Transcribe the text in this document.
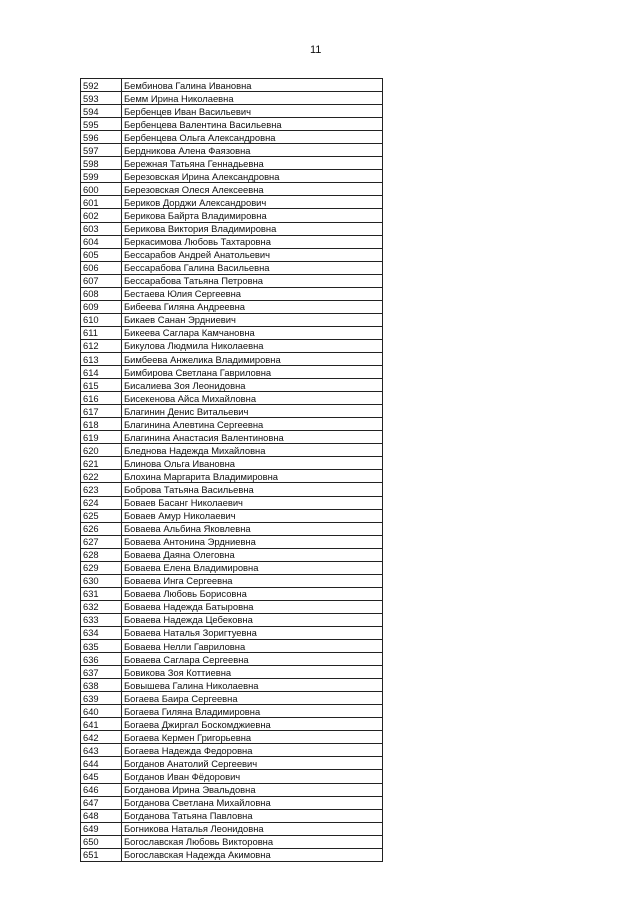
11
592	Бембинова Галина Ивановна
593	Бемм Ирина Николаевна
594	Бербенцев Иван Васильевич
595	Бербенцева Валентина Васильевна
596	Бербенцева Ольга Александровна
597	Бердникова Алена Фаязовна
598	Бережная Татьяна Геннадьевна
599	Березовская Ирина Александровна
600	Березовская Олеся Алексеевна
601	Бериков Дорджи Александрович
602	Берикова Байрта Владимировна
603	Берикова Виктория Владимировна
604	Беркасимова Любовь Тахтаровна
605	Бессарабов Андрей Анатольевич
606	Бессарабова Галина Васильевна
607	Бессарабова Татьяна Петровна
608	Бестаева Юлия Сергеевна
609	Бибеева Гиляна Андреевна
610	Бикаев Санан Эрдниевич
611	Бикеева Саглара Камчановна
612	Бикулова Людмила Николаевна
613	Бимбеева Анжелика Владимировна
614	Бимбирова Светлана Гавриловна
615	Бисалиева Зоя Леонидовна
616	Бисекенова Айса Михайловна
617	Благинин Денис Витальевич
618	Благинина Алевтина Сергеевна
619	Благинина Анастасия Валентиновна
620	Бледнова Надежда Михайловна
621	Блинова Ольга Ивановна
622	Блохина Маргарита Владимировна
623	Боброва Татьяна Васильевна
624	Боваев Басанг Николаевич
625	Боваев Амур Николаевич
626	Боваева Альбина Яковлевна
627	Боваева Антонина Эрдниевна
628	Боваева Даяна Олеговна
629	Боваева Елена Владимировна
630	Боваева Инга Сергеевна
631	Боваева Любовь Борисовна
632	Боваева Надежда Батыровна
633	Боваева Надежда Цебековна
634	Боваева Наталья Зоригтуевна
635	Боваева Нелли Гавриловна
636	Боваева Саглара Сергеевна
637	Бовикова Зоя Коттиевна
638	Бовышева Галина Николаевна
639	Богаева Баира Сергеевна
640	Богаева Гиляна Владимировна
641	Богаева Джиргал Боскомджиевна
642	Богаева Кермен Григорьевна
643	Богаева Надежда Федоровна
644	Богданов Анатолий Сергеевич
645	Богданов Иван Фёдорович
646	Богданова Ирина Эвальдовна
647	Богданова Светлана Михайловна
648	Богданова Татьяна Павловна
649	Богникова Наталья Леонидовна
650	Богославская Любовь Викторовна
651	Богославская Надежда Акимовна
